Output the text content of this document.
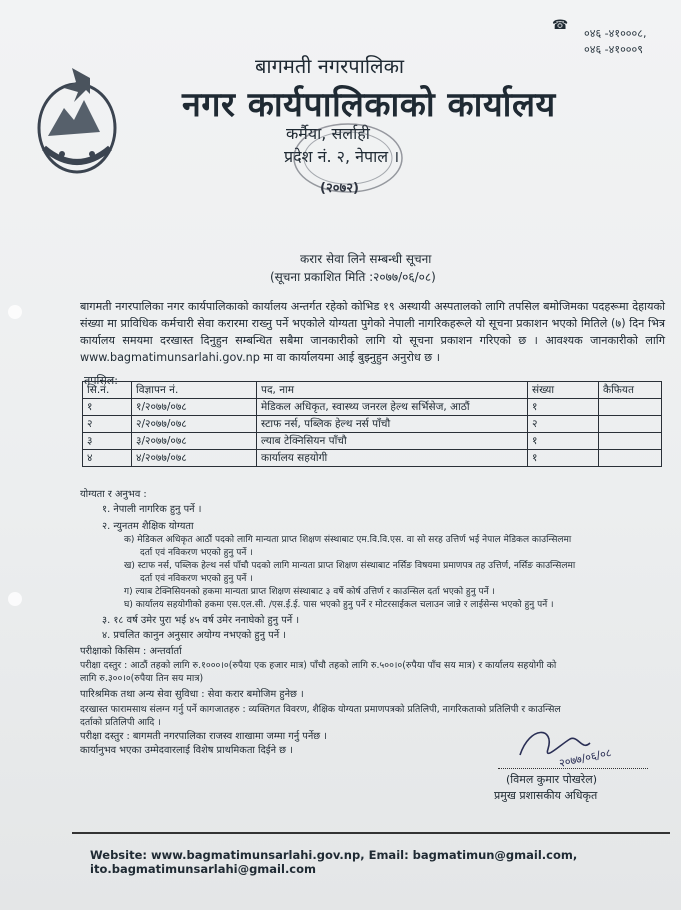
☎
०४६ -४१०००८,
०४६ -४१०००९
बागमती नगरपालिका
नगर कार्यपालिकाको कार्यालय
कर्मैया, सर्लाही
प्रदेश नं. २, नेपाल ।
(२०७२)
करार सेवा लिने सम्बन्धी सूचना
(सूचना प्रकाशित मिति :२०७७/०६/०८)
बागमती नगरपालिका नगर कार्यपालिकाको कार्यालय अन्तर्गत रहेको कोभिड १९ अस्थायी अस्पतालको लागि तपसिल बमोजिमका पदहरूमा देहायको संख्या मा प्राविधिक कर्मचारी सेवा करारमा राख्नु पर्ने भएकोले योग्यता पुगेको नेपाली नागरिकहरूले यो सूचना प्रकाशन भएको मितिले (७) दिन भित्र कार्यालय समयमा दरखास्त दिनुहुन सम्बन्धित सबैमा जानकारीको लागि यो सूचना प्रकाशन गरिएको छ । आवश्यक जानकारीको लागि www.bagmatimunsarlahi.gov.np मा वा कार्यालयमा आई बुझ्नुहुन अनुरोध छ ।
तपसिल:
सि.नं.	विज्ञापन नं.	पद, नाम	संख्या	कैफियत
१	१/२०७७/०७८	मेडिकल अधिकृत, स्वास्थ्य जनरल हेल्थ सर्भिसेज, आठौं	१	
२	२/२०७७/०७८	स्टाफ नर्स, पब्लिक हेल्थ नर्स पाँचौ	२	
३	३/२०७७/०७८	ल्याब टेक्निसियन पाँचौ	१	
४	४/२०७७/०७८	कार्यालय सहयोगी	१	
योग्यता र अनुभव :
१. नेपाली नागरिक हुनु पर्ने ।
२. न्युनतम शैक्षिक योग्यता
क) मेडिकल अधिकृत आठौं पदको लागि मान्यता प्राप्त शिक्षण संस्थाबाट एम.वि.वि.एस. वा सो सरह उत्तिर्ण भई नेपाल मेडिकल काउन्सिलमा
दर्ता एवं नविकरण भएको हुनु पर्ने ।
ख) स्टाफ नर्स, पब्लिक हेल्थ नर्स पाँचौ पदको लागि मान्यता प्राप्त शिक्षण संस्थाबाट नर्सिङ विषयमा प्रमाणपत्र तह उत्तिर्ण, नर्सिङ काउन्सिलमा
दर्ता एवं नविकरण भएको हुनु पर्ने ।
ग) ल्याब टेक्निसियनको हकमा मान्यता प्राप्त शिक्षण संस्थाबाट ३ वर्षे कोर्ष उत्तिर्ण र काउन्सिल दर्ता भएको हुनु पर्ने ।
घ) कार्यालय सहयोगीको हकमा एस.एल.सी. /एस.ई.ई. पास भएको हुनु पर्ने र मोटरसाईकल चलाउन जान्ने र लाईसेन्स भएको हुनु पर्ने ।
३. १८ वर्ष उमेर पुरा भई ४५ वर्ष उमेर ननाघेको हुनु पर्ने ।
४. प्रचलित कानुन अनुसार अयोग्य नभएको हुनु पर्ने ।
परीक्षाको किसिम : अन्तर्वार्ता
परीक्षा दस्तुर : आठौं तहको लागि रु.१०००।०(रुपैया एक हजार मात्र) पाँचौ तहको लागि रु.५००।०(रुपैया पाँच सय मात्र) र कार्यालय सहयोगी को
लागि रु.३००।०(रुपैया तिन सय मात्र)
पारिश्रमिक तथा अन्य सेवा सुविधा : सेवा करार बमोजिम हुनेछ ।
दरखास्त फारामसाथ संलग्न गर्नु पर्ने कागजातहरु : व्यक्तिगत विवरण, शैक्षिक योग्यता प्रमाणपत्रको प्रतिलिपी, नागरिकताको प्रतिलिपी र काउन्सिल
दर्ताको प्रतिलिपी आदि ।
परीक्षा दस्तुर : बागमती नगरपालिका राजस्व शाखामा जम्मा गर्नु पर्नेछ ।
कार्यानुभव भएका उम्मेदवारलाई विशेष प्राथमिकता दिईने छ ।	२०७७/०६/०८
(विमल कुमार पोखरेल)
प्रमुख प्रशासकीय अधिकृत
Website: www.bagmatimunsarlahi.gov.np, Email: bagmatimun@gmail.com, ito.bagmatimunsarlahi@gmail.com
